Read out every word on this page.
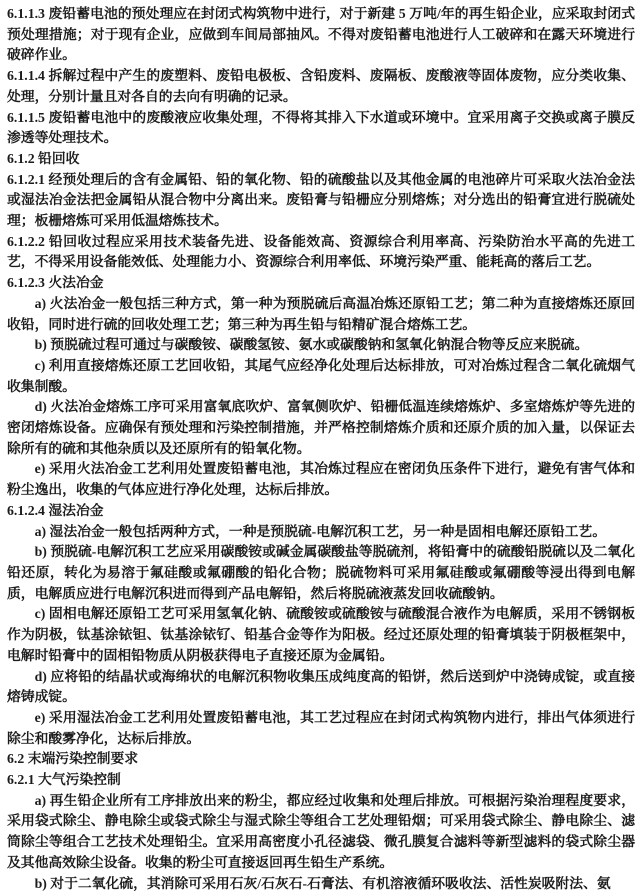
6.1.1.3 废铅蓄电池的预处理应在封闭式构筑物中进行，对于新建 5 万吨/年的再生铅企业，应采取封闭式预处理措施；对于现有企业，应做到车间局部抽风。不得对废铅蓄电池进行人工破碎和在露天环境进行破碎作业。

6.1.1.4 拆解过程中产生的废塑料、废铅电极板、含铅废料、废隔板、废酸液等固体废物，应分类收集、处理，分别计量且对各自的去向有明确的记录。

6.1.1.5 废铅蓄电池中的废酸液应收集处理，不得将其排入下水道或环境中。宜采用离子交换或离子膜反渗透等处理技术。

6.1.2 铅回收

6.1.2.1 经预处理后的含有金属铅、铅的氧化物、铅的硫酸盐以及其他金属的电池碎片可采取火法冶金法或湿法冶金法把金属铅从混合物中分离出来。废铅膏与铅栅应分别熔炼；对分选出的铅膏宜进行脱硫处理；板栅熔炼可采用低温熔炼技术。

6.1.2.2 铅回收过程应采用技术装备先进、设备能效高、资源综合利用率高、污染防治水平高的先进工艺，不得采用设备能效低、处理能力小、资源综合利用率低、环境污染严重、能耗高的落后工艺。

6.1.2.3 火法冶金

a) 火法冶金一般包括三种方式，第一种为预脱硫后高温冶炼还原铅工艺；第二种为直接熔炼还原回收铅，同时进行硫的回收处理工艺；第三种为再生铅与铅精矿混合熔炼工艺。

b) 预脱硫过程可通过与碳酸铵、碳酸氢铵、氨水或碳酸钠和氢氧化钠混合物等反应来脱硫。

c) 利用直接熔炼还原工艺回收铅，其尾气应经净化处理后达标排放，可对冶炼过程含二氧化硫烟气收集制酸。

d) 火法冶金熔炼工序可采用富氧底吹炉、富氧侧吹炉、铅栅低温连续熔炼炉、多室熔炼炉等先进的密闭熔炼设备。应确保有预处理和污染控制措施，并严格控制熔炼介质和还原介质的加入量，以保证去除所有的硫和其他杂质以及还原所有的铅氧化物。

e) 采用火法冶金工艺利用处置废铅蓄电池，其冶炼过程应在密闭负压条件下进行，避免有害气体和粉尘逸出，收集的气体应进行净化处理，达标后排放。

6.1.2.4 湿法冶金

a) 湿法冶金一般包括两种方式，一种是预脱硫-电解沉积工艺，另一种是固相电解还原铅工艺。

b) 预脱硫-电解沉积工艺应采用碳酸铵或碱金属碳酸盐等脱硫剂，将铅膏中的硫酸铅脱硫以及二氧化铅还原，转化为易溶于氟硅酸或氟硼酸的铅化合物；脱硫物料可采用氟硅酸或氟硼酸等浸出得到电解质，电解质应进行电解沉积进而得到产品电解铅，然后将脱硫液蒸发回收硫酸钠。

c) 固相电解还原铅工艺可采用氢氧化钠、硫酸铵或硫酸铵与硫酸混合液作为电解质，采用不锈钢板作为阴极，钛基涂铱钽、钛基涂铱钌、铅基合金等作为阳极。经过还原处理的铅膏填装于阴极框架中，电解时铅膏中的固相铅物质从阴极获得电子直接还原为金属铅。

d) 应将铅的结晶状或海绵状的电解沉积物收集压成纯度高的铅饼，然后送到炉中浇铸成锭，或直接熔铸成锭。

e) 采用湿法冶金工艺利用处置废铅蓄电池，其工艺过程应在封闭式构筑物内进行，排出气体须进行除尘和酸雾净化，达标后排放。

6.2 末端污染控制要求

6.2.1 大气污染控制

a) 再生铅企业所有工序排放出来的粉尘，都应经过收集和处理后排放。可根据污染治理程度要求，采用袋式除尘、静电除尘或袋式除尘与湿式除尘等组合工艺处理铅烟；可采用袋式除尘、静电除尘、滤筒除尘等组合工艺技术处理铅尘。宜采用高密度小孔径滤袋、微孔膜复合滤料等新型滤料的袋式除尘器及其他高效除尘设备。收集的粉尘可直接返回再生铅生产系统。

b) 对于二氧化硫，其消除可采用石灰/石灰石-石膏法、有机溶液循环吸收法、活性炭吸附法、氨
